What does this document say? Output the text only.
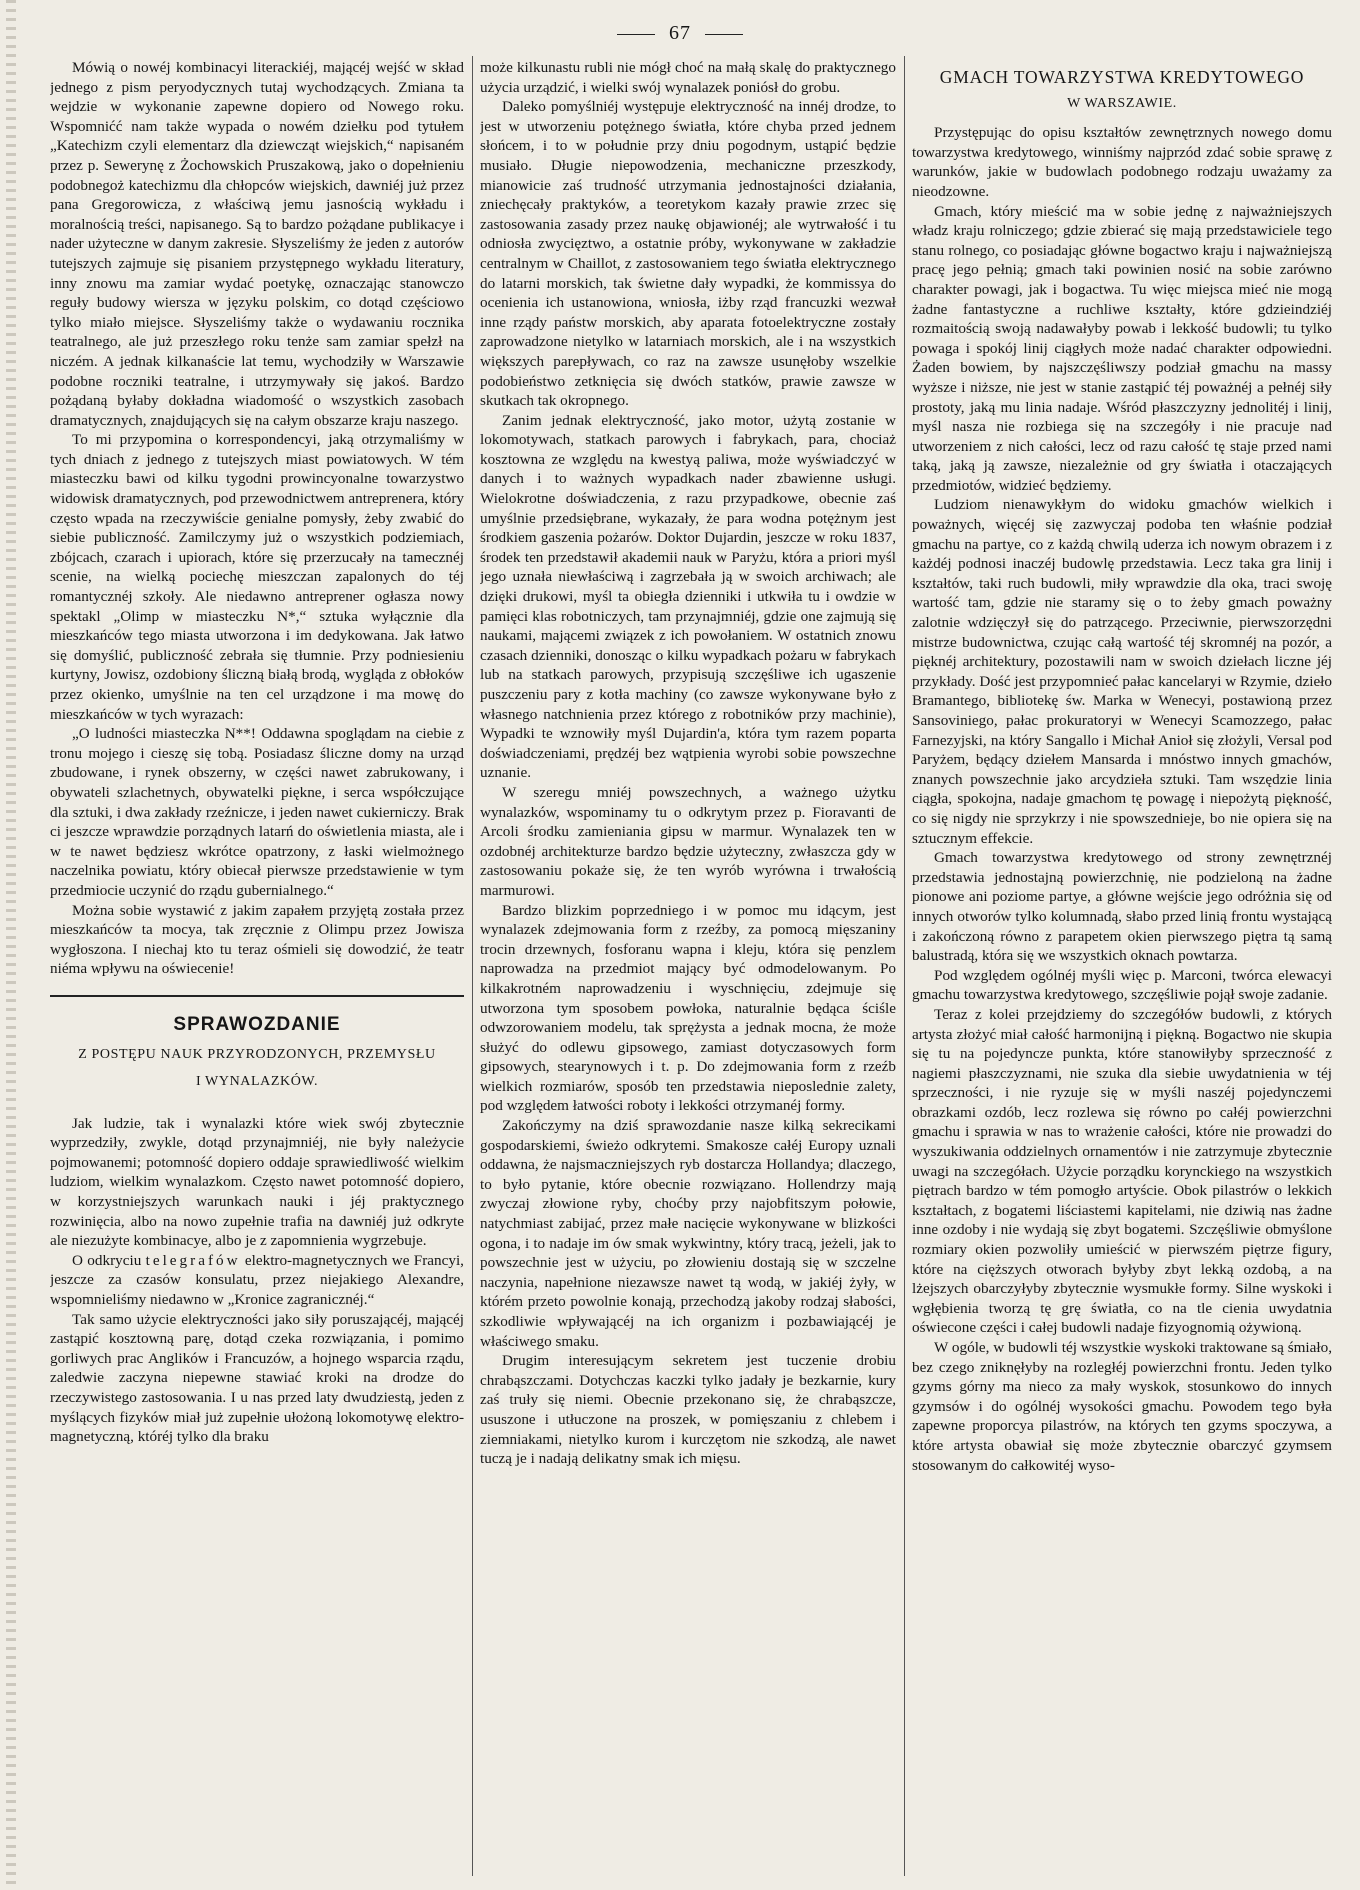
67

Mówią o nowéj kombinacyi literackiéj, mającéj wejść w skład jednego z pism peryodycznych tutaj wychodzących. Zmiana ta wejdzie w wykonanie zapewne dopiero od Nowego roku. Wspomnićć nam także wypada o nowém dziełku pod tytułem „Katechizm czyli elementarz dla dziewcząt wiejskich,“ napisaném przez p. Sewerynę z Żochowskich Pruszakową, jako o dopełnieniu podobnegoż katechizmu dla chłopców wiejskich, dawniéj już przez pana Gregorowicza, z właściwą jemu jasnością wykładu i moralnością treści, napisanego. Są to bardzo pożądane publikacye i nader użyteczne w danym zakresie. Słyszeliśmy że jeden z autorów tutejszych zajmuje się pisaniem przystępnego wykładu literatury, inny znowu ma zamiar wydać poetykę, oznaczając stanowczo reguły budowy wiersza w języku polskim, co dotąd częściowo tylko miało miejsce. Słyszeliśmy także o wydawaniu rocznika teatralnego, ale już przeszłego roku tenże sam zamiar spełzł na niczém. A jednak kilkanaście lat temu, wychodziły w Warszawie podobne roczniki teatralne, i utrzymywały się jakoś. Bardzo pożądaną byłaby dokładna wiadomość o wszystkich zasobach dramatycznych, znajdujących się na całym obszarze kraju naszego.

To mi przypomina o korrespondencyi, jaką otrzymaliśmy w tych dniach z jednego z tutejszych miast powiatowych. W tém miasteczku bawi od kilku tygodni prowincyonalne towarzystwo widowisk dramatycznych, pod przewodnictwem antreprenera, który często wpada na rzeczywiście genialne pomysły, żeby zwabić do siebie publiczność. Zamilczymy już o wszystkich podziemiach, zbójcach, czarach i upiorach, które się przerzucały na tamecznéj scenie, na wielką pociechę mieszczan zapalonych do téj romantycznéj szkoły. Ale niedawno antreprener ogłasza nowy spektakl „Olimp w miasteczku N*,“ sztuka wyłącznie dla mieszkańców tego miasta utworzona i im dedykowana. Jak łatwo się domyślić, publiczność zebrała się tłumnie. Przy podniesieniu kurtyny, Jowisz, ozdobiony śliczną białą brodą, wygląda z obłoków przez okienko, umyślnie na ten cel urządzone i ma mowę do mieszkańców w tych wyrazach:

„O ludności miasteczka N**! Oddawna spoglądam na ciebie z tronu mojego i cieszę się tobą. Posiadasz śliczne domy na urząd zbudowane, i rynek obszerny, w części nawet zabrukowany, i obywateli szlachetnych, obywatelki piękne, i serca współczujące dla sztuki, i dwa zakłady rzeźnicze, i jeden nawet cukierniczy. Brak ci jeszcze wprawdzie porządnych latarń do oświetlenia miasta, ale i w te nawet będziesz wkrótce opatrzony, z łaski wielmożnego naczelnika powiatu, który obiecał pierwsze przedstawienie w tym przedmiocie uczynić do rządu gubernialnego.“

Można sobie wystawić z jakim zapałem przyjętą została przez mieszkańców ta mocya, tak zręcznie z Olimpu przez Jowisza wygłoszona. I niechaj kto tu teraz ośmieli się dowodzić, że teatr niéma wpływu na oświecenie!

SPRAWOZDANIE

Z POSTĘPU NAUK PRZYRODZONYCH, PRZEMYSŁU

I WYNALAZKÓW.

Jak ludzie, tak i wynalazki które wiek swój zbytecznie wyprzedziły, zwykle, dotąd przynajmniéj, nie były należycie pojmowanemi; potomność dopiero oddaje sprawiedliwość wielkim ludziom, wielkim wynalazkom. Często nawet potomność dopiero, w korzystniejszych warunkach nauki i jéj praktycznego rozwinięcia, albo na nowo zupełnie trafia na dawniéj już odkryte ale niezużyte kombinacye, albo je z zapomnienia wygrzebuje.

O odkryciu telegrafów elektro-magnetycznych we Francyi, jeszcze za czasów konsulatu, przez niejakiego Alexandre, wspomnieliśmy niedawno w „Kronice zagranicznéj.“

Tak samo użycie elektryczności jako siły poruszającéj, mającéj zastąpić kosztowną parę, dotąd czeka rozwiązania, i pomimo gorliwych prac Anglików i Francuzów, a hojnego wsparcia rządu, zaledwie zaczyna niepewne stawiać kroki na drodze do rzeczywistego zastosowania. I u nas przed laty dwudziestą, jeden z myślących fizyków miał już zupełnie ułożoną lokomotywę elektro-magnetyczną, któréj tylko dla braku

może kilkunastu rubli nie mógł choć na małą skalę do praktycznego użycia urządzić, i wielki swój wynalazek poniósł do grobu.

Daleko pomyślniéj występuje elektryczność na innéj drodze, to jest w utworzeniu potężnego światła, które chyba przed jednem słońcem, i to w południe przy dniu pogodnym, ustąpić będzie musiało. Długie niepowodzenia, mechaniczne przeszkody, mianowicie zaś trudność utrzymania jednostajności działania, zniechęcały praktyków, a teoretykom kazały prawie zrzec się zastosowania zasady przez naukę objawionéj; ale wytrwałość i tu odniosła zwycięztwo, a ostatnie próby, wykonywane w zakładzie centralnym w Chaillot, z zastosowaniem tego światła elektrycznego do latarni morskich, tak świetne dały wypadki, że kommissya do ocenienia ich ustanowiona, wniosła, iżby rząd francuzki wezwał inne rządy państw morskich, aby aparata fotoelektryczne zostały zaprowadzone nietylko w latarniach morskich, ale i na wszystkich większych parepływach, co raz na zawsze usunęłoby wszelkie podobieństwo zetknięcia się dwóch statków, prawie zawsze w skutkach tak okropnego.

Zanim jednak elektryczność, jako motor, użytą zostanie w lokomotywach, statkach parowych i fabrykach, para, chociaż kosztowna ze względu na kwestyą paliwa, może wyświadczyć w danych i to ważnych wypadkach nader zbawienne usługi. Wielokrotne doświadczenia, z razu przypadkowe, obecnie zaś umyślnie przedsiębrane, wykazały, że para wodna potężnym jest środkiem gaszenia pożarów. Doktor Dujardin, jeszcze w roku 1837, środek ten przedstawił akademii nauk w Paryżu, która a priori myśl jego uznała niewłaściwą i zagrzebała ją w swoich archiwach; ale dzięki drukowi, myśl ta obiegła dzienniki i utkwiła tu i owdzie w pamięci klas robotniczych, tam przynajmniéj, gdzie one zajmują się naukami, mającemi związek z ich powołaniem. W ostatnich znowu czasach dzienniki, donosząc o kilku wypadkach pożaru w fabrykach lub na statkach parowych, przypisują szczęśliwe ich ugaszenie puszczeniu pary z kotła machiny (co zawsze wykonywane było z własnego natchnienia przez którego z robotników przy machinie), Wypadki te wznowiły myśl Dujardin'a, która tym razem poparta doświadczeniami, prędzéj bez wątpienia wyrobi sobie powszechne uznanie.

W szeregu mniéj powszechnych, a ważnego użytku wynalazków, wspominamy tu o odkrytym przez p. Fioravanti de Arcoli środku zamieniania gipsu w marmur. Wynalazek ten w ozdobnéj architekturze bardzo będzie użyteczny, zwłaszcza gdy w zastosowaniu pokaże się, że ten wyrób wyrówna i trwałością marmurowi.

Bardzo blizkim poprzedniego i w pomoc mu idącym, jest wynalazek zdejmowania form z rzeźby, za pomocą mięszaniny trocin drzewnych, fosforanu wapna i kleju, która się penzlem naprowadza na przedmiot mający być odmodelowanym. Po kilkakrotném naprowadzeniu i wyschnięciu, zdejmuje się utworzona tym sposobem powłoka, naturalnie będąca ściśle odwzorowaniem modelu, tak sprężysta a jednak mocna, że może służyć do odlewu gipsowego, zamiast dotyczasowych form gipsowych, stearynowych i t. p. Do zdejmowania form z rzeźb wielkich rozmiarów, sposób ten przedstawia nieposlednie zalety, pod względem łatwości roboty i lekkości otrzymanéj formy.

Zakończymy na dziś sprawozdanie nasze kilką sekrecikami gospodarskiemi, świeżo odkrytemi. Smakosze całéj Europy uznali oddawna, że najsmaczniejszych ryb dostarcza Hollandya; dlaczego, to było pytanie, które obecnie rozwiązano. Hollendrzy mają zwyczaj złowione ryby, choćby przy najobfitszym połowie, natychmiast zabijać, przez małe nacięcie wykonywane w blizkości ogona, i to nadaje im ów smak wykwintny, który tracą, jeżeli, jak to powszechnie jest w użyciu, po złowieniu dostają się w szczelne naczynia, napełnione niezawsze nawet tą wodą, w jakiéj żyły, w którém przeto powolnie konają, przechodzą jakoby rodzaj słabości, szkodliwie wpływającéj na ich organizm i pozbawiającéj je właściwego smaku.

Drugim interesującym sekretem jest tuczenie drobiu chrabąszczami. Dotychczas kaczki tylko jadały je bezkarnie, kury zaś truły się niemi. Obecnie przekonano się, że chrabąszcze, ususzone i utłuczone na proszek, w pomięszaniu z chlebem i ziemniakami, nietylko kurom i kurczętom nie szkodzą, ale nawet tuczą je i nadają delikatny smak ich mięsu.

GMACH TOWARZYSTWA KREDYTOWEGO

W WARSZAWIE.

Przystępując do opisu kształtów zewnętrznych nowego domu towarzystwa kredytowego, winniśmy najprzód zdać sobie sprawę z warunków, jakie w budowlach podobnego rodzaju uważamy za nieodzowne.

Gmach, który mieścić ma w sobie jednę z najważniejszych władz kraju rolniczego; gdzie zbierać się mają przedstawiciele tego stanu rolnego, co posiadając główne bogactwo kraju i najważniejszą pracę jego pełnią; gmach taki powinien nosić na sobie zarówno charakter powagi, jak i bogactwa. Tu więc miejsca mieć nie mogą żadne fantastyczne a ruchliwe kształty, które gdzieindziéj rozmaitością swoją nadawałyby powab i lekkość budowli; tu tylko powaga i spokój linij ciągłych może nadać charakter odpowiedni. Żaden bowiem, by najszczęśliwszy podział gmachu na massy wyższe i niższe, nie jest w stanie zastąpić téj poważnéj a pełnéj siły prostoty, jaką mu linia nadaje. Wśród płaszczyzny jednolitéj i linij, myśl nasza nie rozbiega się na szczegóły i nie pracuje nad utworzeniem z nich całości, lecz od razu całość tę staje przed nami taką, jaką ją zawsze, niezależnie od gry światła i otaczających przedmiotów, widzieć będziemy.

Ludziom nienawykłym do widoku gmachów wielkich i poważnych, więcéj się zazwyczaj podoba ten właśnie podział gmachu na partye, co z każdą chwilą uderza ich nowym obrazem i z każdéj podnosi inaczéj budowlę przedstawia. Lecz taka gra linij i kształtów, taki ruch budowli, miły wprawdzie dla oka, traci swoję wartość tam, gdzie nie staramy się o to żeby gmach poważny zalotnie wdzięczył się do patrzącego. Przeciwnie, pierwszorzędni mistrze budownictwa, czując całą wartość téj skromnéj na pozór, a pięknéj architektury, pozostawili nam w swoich dziełach liczne jéj przykłady. Dość jest przypomnieć pałac kancelaryi w Rzymie, dzieło Bramantego, bibliotekę św. Marka w Wenecyi, postawioną przez Sansoviniego, pałac prokuratoryi w Wenecyi Scamozzego, pałac Farnezyjski, na który Sangallo i Michał Anioł się złożyli, Versal pod Paryżem, będący dziełem Mansarda i mnóstwo innych gmachów, znanych powszechnie jako arcydzieła sztuki. Tam wszędzie linia ciągła, spokojna, nadaje gmachom tę powagę i niepożytą piękność, co się nigdy nie sprzykrzy i nie spowszednieje, bo nie opiera się na sztucznym effekcie.

Gmach towarzystwa kredytowego od strony zewnętrznéj przedstawia jednostajną powierzchnię, nie podzieloną na żadne pionowe ani poziome partye, a główne wejście jego odróżnia się od innych otworów tylko kolumnadą, słabo przed linią frontu wystającą i zakończoną równo z parapetem okien pierwszego piętra tą samą balustradą, która się we wszystkich oknach powtarza.

Pod względem ogólnéj myśli więc p. Marconi, twórca elewacyi gmachu towarzystwa kredytowego, szczęśliwie pojął swoje zadanie.

Teraz z kolei przejdziemy do szczegółów budowli, z których artysta złożyć miał całość harmonijną i piękną. Bogactwo nie skupia się tu na pojedyncze punkta, które stanowiłyby sprzeczność z nagiemi płaszczyznami, nie szuka dla siebie uwydatnienia w téj sprzeczności, i nie ryzuje się w myśli naszéj pojedynczemi obrazkami ozdób, lecz rozlewa się równo po całéj powierzchni gmachu i sprawia w nas to wrażenie całości, które nie prowadzi do wyszukiwania oddzielnych ornamentów i nie zatrzymuje zbytecznie uwagi na szczegółach. Użycie porządku korynckiego na wszystkich piętrach bardzo w tém pomogło artyście. Obok pilastrów o lekkich kształtach, z bogatemi liściastemi kapitelami, nie dziwią nas żadne inne ozdoby i nie wydają się zbyt bogatemi. Szczęśliwie obmyślone rozmiary okien pozwoliły umieścić w pierwszém piętrze figury, które na cięższych otworach byłyby zbyt lekką ozdobą, a na lżejszych obarczyłyby zbytecznie wysmukłe formy. Silne wyskoki i wgłębienia tworzą tę grę światła, co na tle cienia uwydatnia oświecone części i całej budowli nadaje fizyognomią ożywioną.

W ogóle, w budowli téj wszystkie wyskoki traktowane są śmiało, bez czego zniknęłyby na rozległéj powierzchni frontu. Jeden tylko gzyms górny ma nieco za mały wyskok, stosunkowo do innych gzymsów i do ogólnéj wysokości gmachu. Powodem tego była zapewne proporcya pilastrów, na których ten gzyms spoczywa, a które artysta obawiał się może zbytecznie obarczyć gzymsem stosowanym do całkowitéj wyso-
